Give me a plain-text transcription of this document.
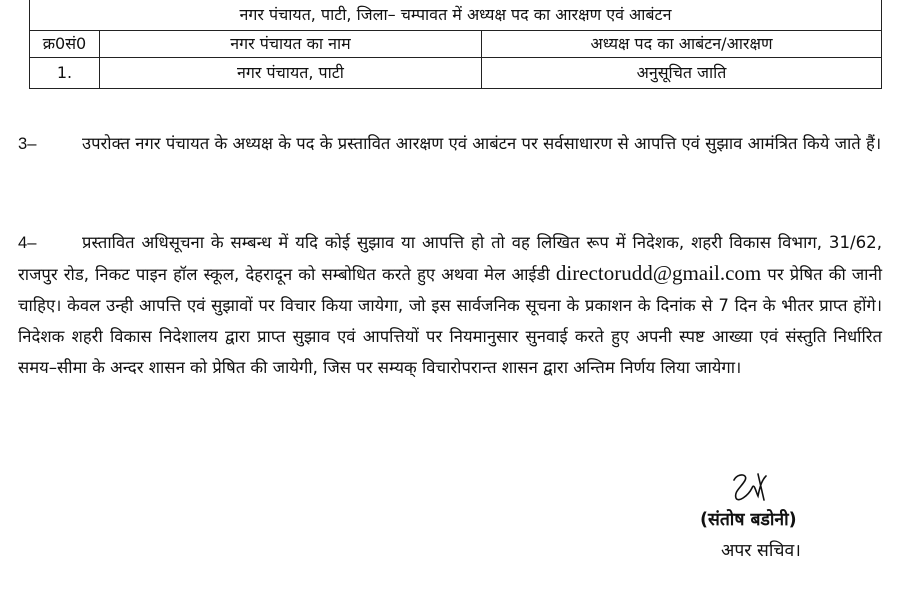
नगर पंचायत, पाटी, जिला– चम्पावत में अध्यक्ष पद का आरक्षण एवं आबंटन		
क्र0सं0	नगर पंचायत का नाम	अध्यक्ष पद का आबंटन/आरक्षण
1.	नगर पंचायत, पाटी	अनुसूचित जाति

3–	उपरोक्त नगर पंचायत के अध्यक्ष के पद के प्रस्तावित आरक्षण एवं आबंटन पर सर्वसाधारण से आपत्ति एवं सुझाव आमंत्रित किये जाते हैं।

4–	प्रस्तावित अधिसूचना के सम्बन्ध में यदि कोई सुझाव या आपत्ति हो तो वह लिखित रूप में निदेशक, शहरी विकास विभाग, 31/62, राजपुर रोड, निकट पाइन हॉल स्कूल, देहरादून को सम्बोधित करते हुए अथवा मेल आईडी directorudd@gmail.com पर प्रेषित की जानी चाहिए। केवल उन्ही आपत्ति एवं सुझावों पर विचार किया जायेगा, जो इस सार्वजनिक सूचना के प्रकाशन के दिनांक से 7 दिन के भीतर प्राप्त होंगे। निदेशक शहरी विकास निदेशालय द्वारा प्राप्त सुझाव एवं आपत्तियों पर नियमानुसार सुनवाई करते हुए अपनी स्पष्ट आख्या एवं संस्तुति निर्धारित समय–सीमा के अन्दर शासन को प्रेषित की जायेगी, जिस पर सम्यक् विचारोपरान्त शासन द्वारा अन्तिम निर्णय लिया जायेगा।

(संतोष बडोनी)
अपर सचिव।
